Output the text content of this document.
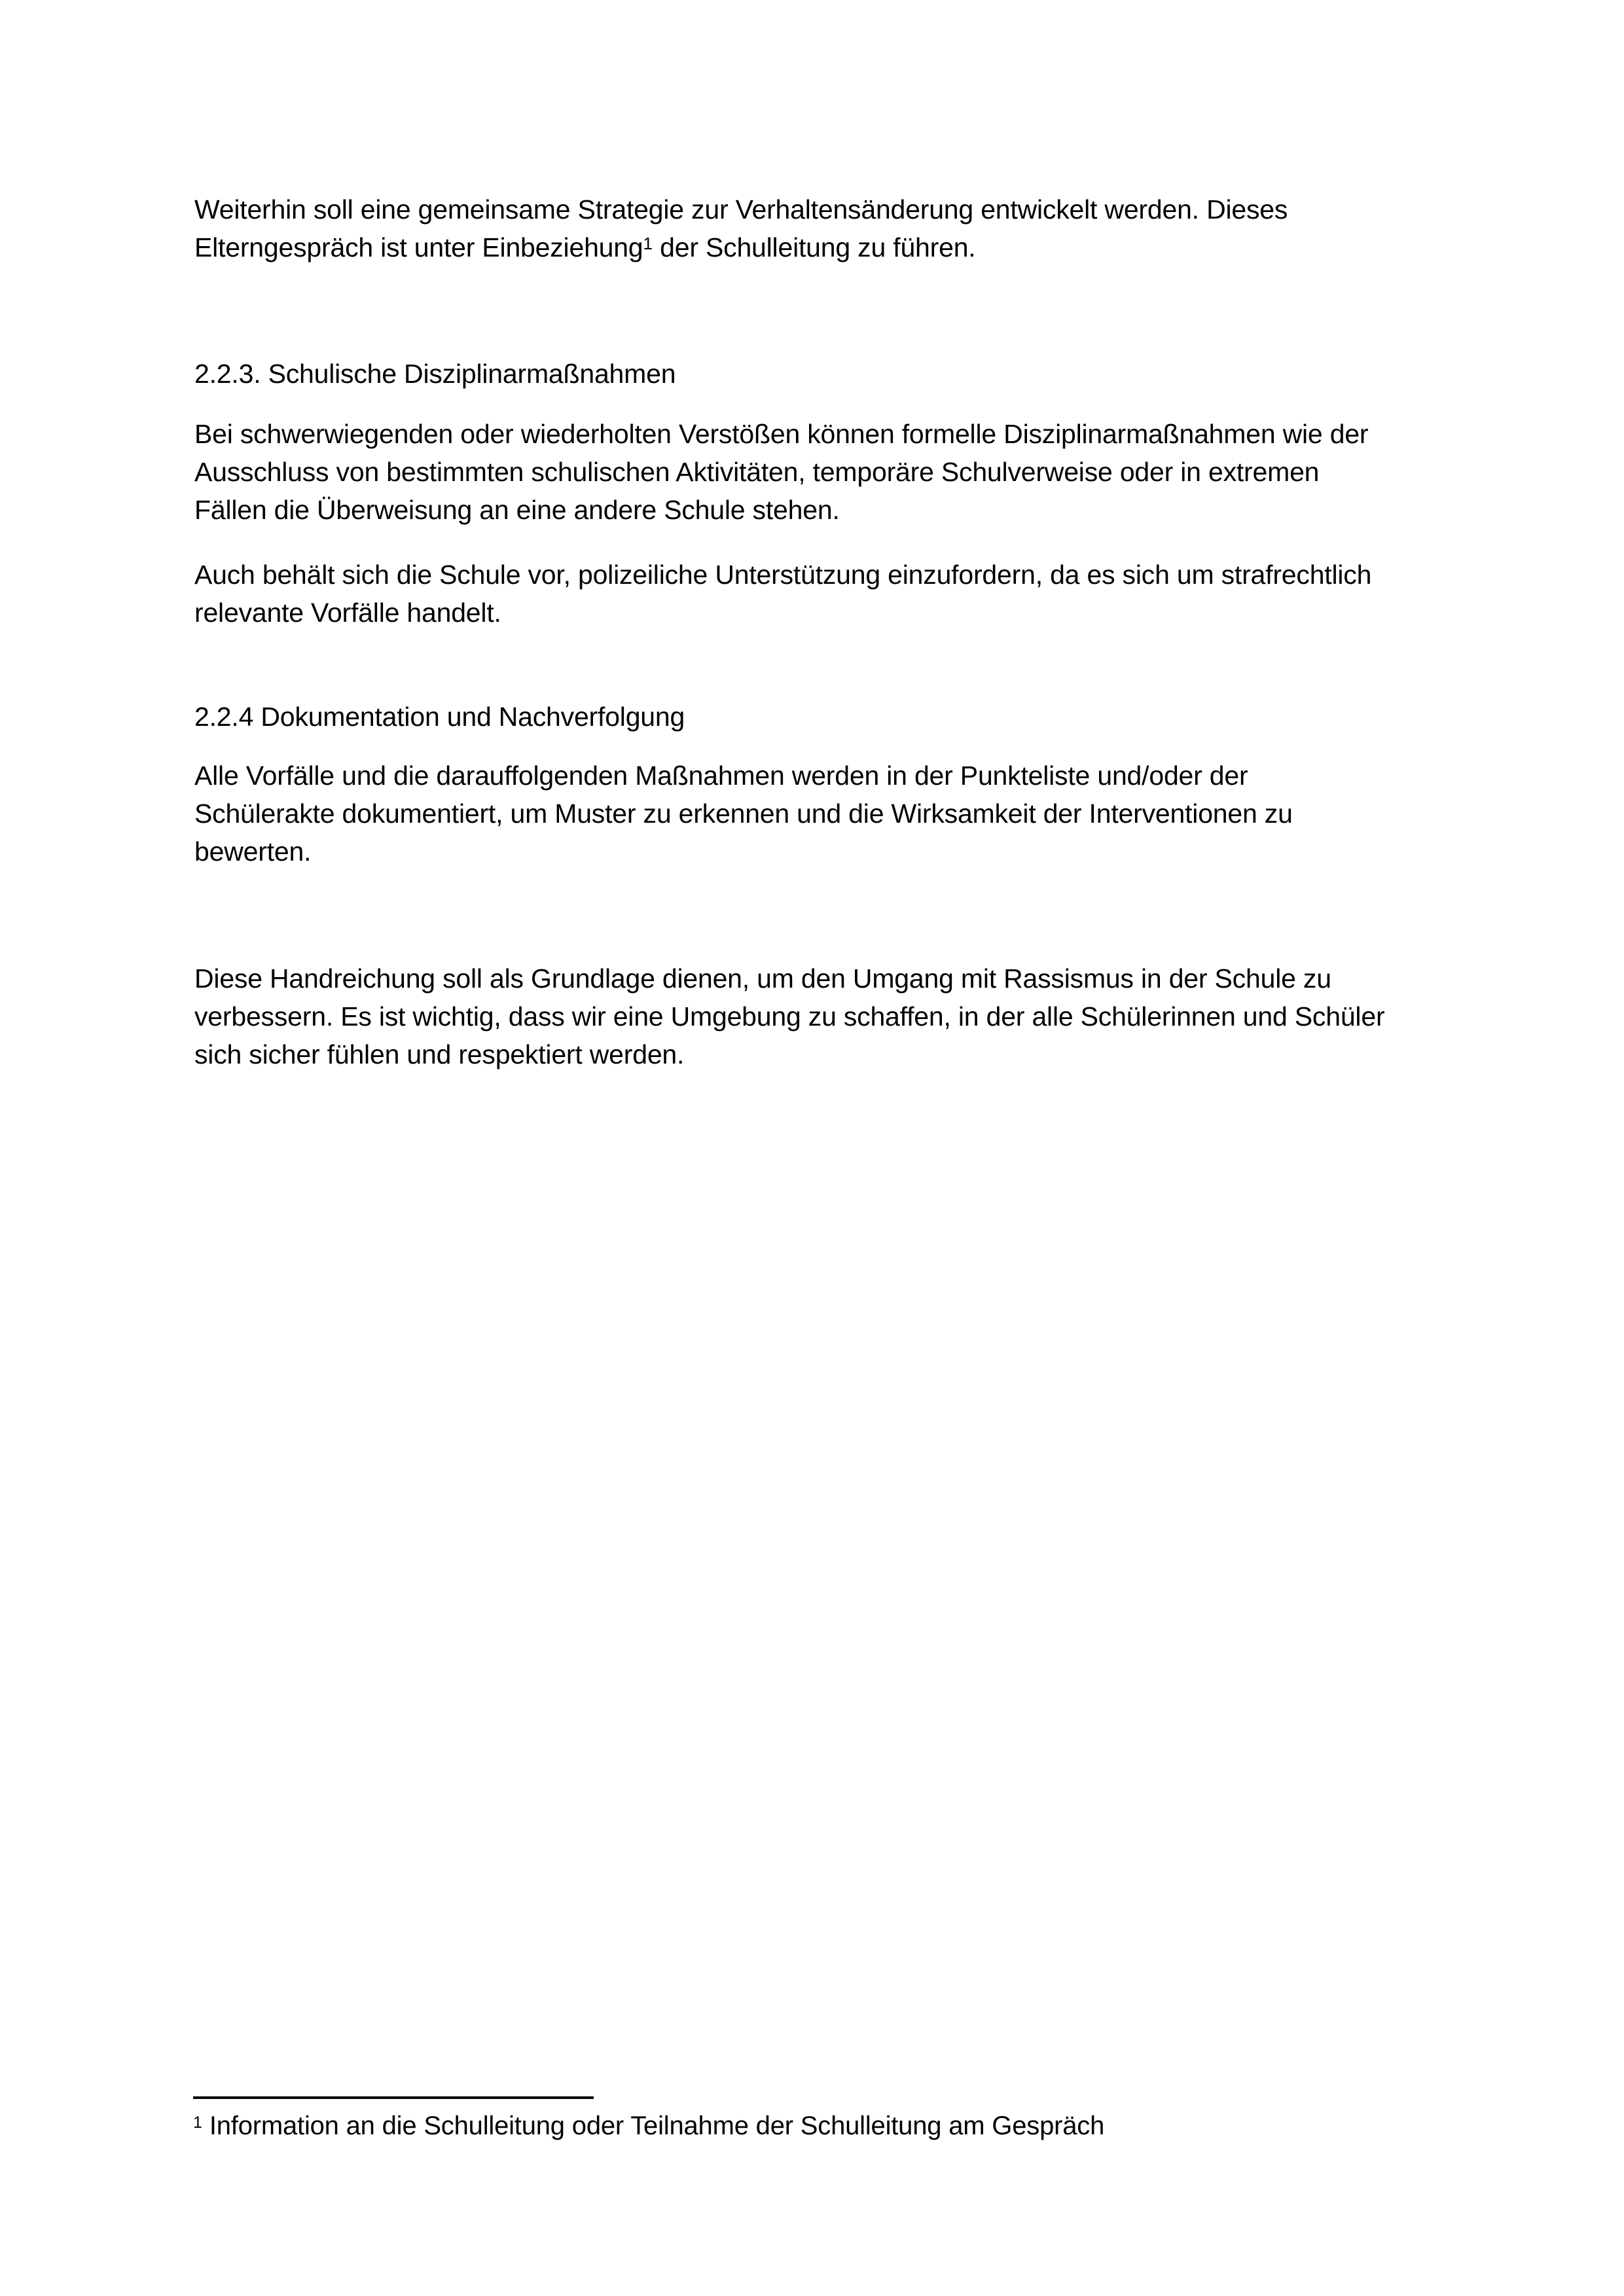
Weiterhin soll eine gemeinsame Strategie zur Verhaltensänderung entwickelt werden. Dieses
Elterngespräch ist unter Einbeziehung$^1$ der Schulleitung zu führen.
2.2.3. Schulische Disziplinarmaßnahmen
Bei schwerwiegenden oder wiederholten Verstößen können formelle Disziplinarmaßnahmen wie der
Ausschluss von bestimmten schulischen Aktivitäten, temporäre Schulverweise oder in extremen
Fällen die Überweisung an eine andere Schule stehen.
Auch behält sich die Schule vor, polizeiliche Unterstützung einzufordern, da es sich um strafrechtlich
relevante Vorfälle handelt.
2.2.4 Dokumentation und Nachverfolgung
Alle Vorfälle und die darauffolgenden Maßnahmen werden in der Punkteliste und/oder der
Schülerakte dokumentiert, um Muster zu erkennen und die Wirksamkeit der Interventionen zu
bewerten.
Diese Handreichung soll als Grundlage dienen, um den Umgang mit Rassismus in der Schule zu
verbessern. Es ist wichtig, dass wir eine Umgebung zu schaffen, in der alle Schülerinnen und Schüler
sich sicher fühlen und respektiert werden.
$^1$ Information an die Schulleitung oder Teilnahme der Schulleitung am Gespräch
